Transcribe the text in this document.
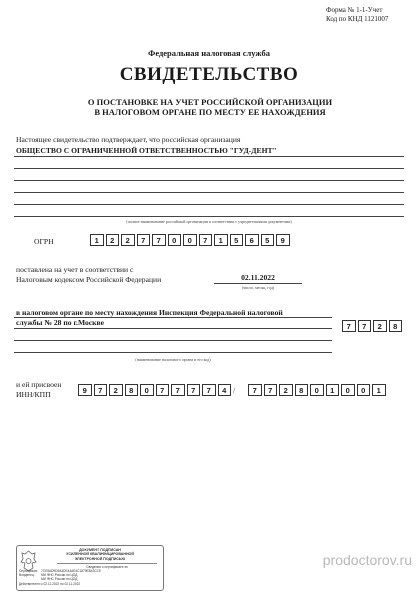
Форма № 1-1-Учет
Код по КНД 1121007
Федеральная налоговая служба
СВИДЕТЕЛЬСТВО
О ПОСТАНОВКЕ НА УЧЕТ РОССИЙСКОЙ ОРГАНИЗАЦИИ
В НАЛОГОВОМ ОРГАНЕ ПО МЕСТУ ЕЕ НАХОЖДЕНИЯ
Настоящее свидетельство подтверждает, что российская организация
ОБЩЕСТВО С ОГРАНИЧЕННОЙ ОТВЕТСТВЕННОСТЬЮ "ГУД-ДЕНТ"
(полное наименование российской организации в соответствии с учредительными документами)
ОГРН	1	2	2	7	7	0	0	7	1	5	6	5	9
поставлена на учет в соответствии с
Налоговым кодексом Российской Федерации	02.11.2022
(число, месяц, год)
в налоговом органе по месту нахождения Инспекция Федеральной налоговой
службы № 28 по г.Москве	7	7	2	8
(наименование налогового органа и его код)
и ей присвоен
ИНН/КПП	9	7	2	8	0	7	7	7	7	4 /	7	7	2	8	0	1	0	0	1
prodoctorov.ru
ДОКУМЕНТ ПОДПИСАН
УСИЛЕННОЙ КВАЛИФИЦИРОВАННОЙ
ЭЛЕКТРОННОЙ ПОДПИСЬЮ
Сведения о сертификате эп
Сертификат: 7CE5AD9D5A4DE44AE4C1879EB43CCE
Владелец:	МИ ФНС России по ЦОД
МИ ФНС России по ЦОД
Действителен: с 02.11.2022 по 02.11.2022
